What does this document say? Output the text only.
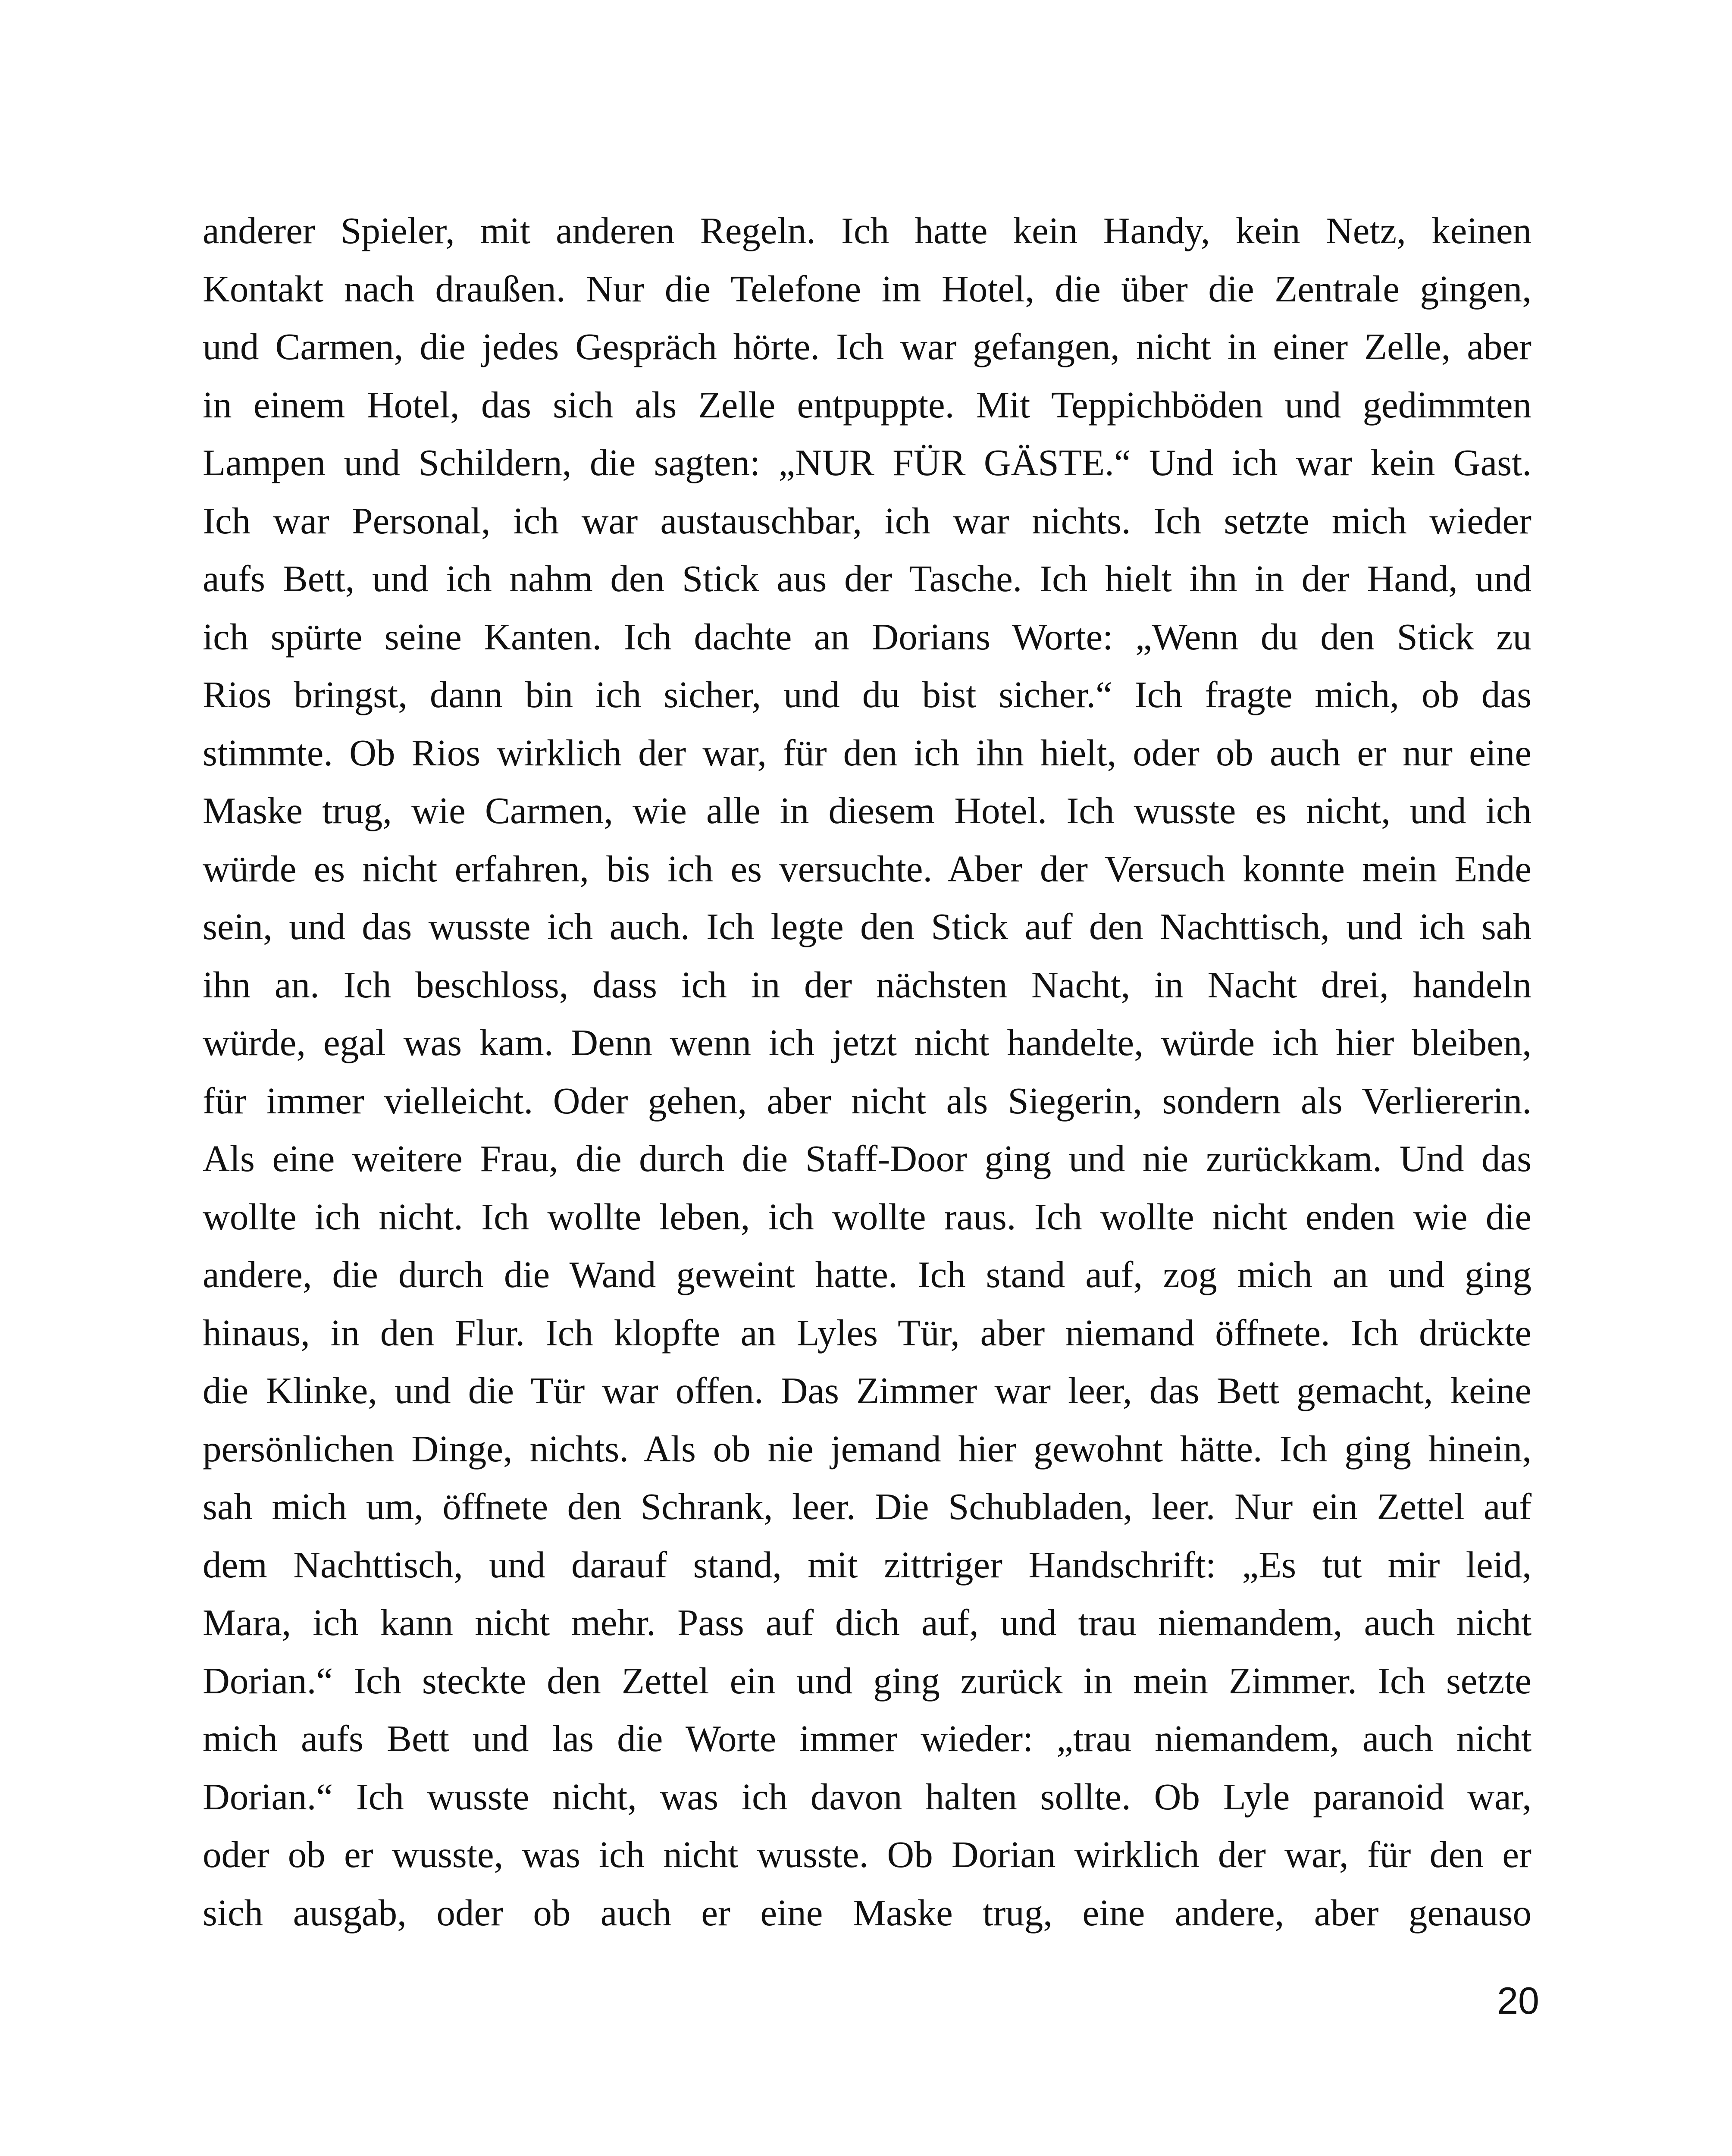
anderer Spieler, mit anderen Regeln. Ich hatte kein Handy, kein Netz, keinen
Kontakt nach draußen. Nur die Telefone im Hotel, die über die Zentrale gingen,
und Carmen, die jedes Gespräch hörte. Ich war gefangen, nicht in einer Zelle, aber
in einem Hotel, das sich als Zelle entpuppte. Mit Teppichböden und gedimmten
Lampen und Schildern, die sagten: „NUR FÜR GÄSTE.“ Und ich war kein Gast.
Ich war Personal, ich war austauschbar, ich war nichts. Ich setzte mich wieder
aufs Bett, und ich nahm den Stick aus der Tasche. Ich hielt ihn in der Hand, und
ich spürte seine Kanten. Ich dachte an Dorians Worte: „Wenn du den Stick zu
Rios bringst, dann bin ich sicher, und du bist sicher.“ Ich fragte mich, ob das
stimmte. Ob Rios wirklich der war, für den ich ihn hielt, oder ob auch er nur eine
Maske trug, wie Carmen, wie alle in diesem Hotel. Ich wusste es nicht, und ich
würde es nicht erfahren, bis ich es versuchte. Aber der Versuch konnte mein Ende
sein, und das wusste ich auch. Ich legte den Stick auf den Nachttisch, und ich sah
ihn an. Ich beschloss, dass ich in der nächsten Nacht, in Nacht drei, handeln
würde, egal was kam. Denn wenn ich jetzt nicht handelte, würde ich hier bleiben,
für immer vielleicht. Oder gehen, aber nicht als Siegerin, sondern als Verliererin.
Als eine weitere Frau, die durch die Staff-Door ging und nie zurückkam. Und das
wollte ich nicht. Ich wollte leben, ich wollte raus. Ich wollte nicht enden wie die
andere, die durch die Wand geweint hatte. Ich stand auf, zog mich an und ging
hinaus, in den Flur. Ich klopfte an Lyles Tür, aber niemand öffnete. Ich drückte
die Klinke, und die Tür war offen. Das Zimmer war leer, das Bett gemacht, keine
persönlichen Dinge, nichts. Als ob nie jemand hier gewohnt hätte. Ich ging hinein,
sah mich um, öffnete den Schrank, leer. Die Schubladen, leer. Nur ein Zettel auf
dem Nachttisch, und darauf stand, mit zittriger Handschrift: „Es tut mir leid,
Mara, ich kann nicht mehr. Pass auf dich auf, und trau niemandem, auch nicht
Dorian.“ Ich steckte den Zettel ein und ging zurück in mein Zimmer. Ich setzte
mich aufs Bett und las die Worte immer wieder: „trau niemandem, auch nicht
Dorian.“ Ich wusste nicht, was ich davon halten sollte. Ob Lyle paranoid war,
oder ob er wusste, was ich nicht wusste. Ob Dorian wirklich der war, für den er
sich ausgab, oder ob auch er eine Maske trug, eine andere, aber genauso
20
